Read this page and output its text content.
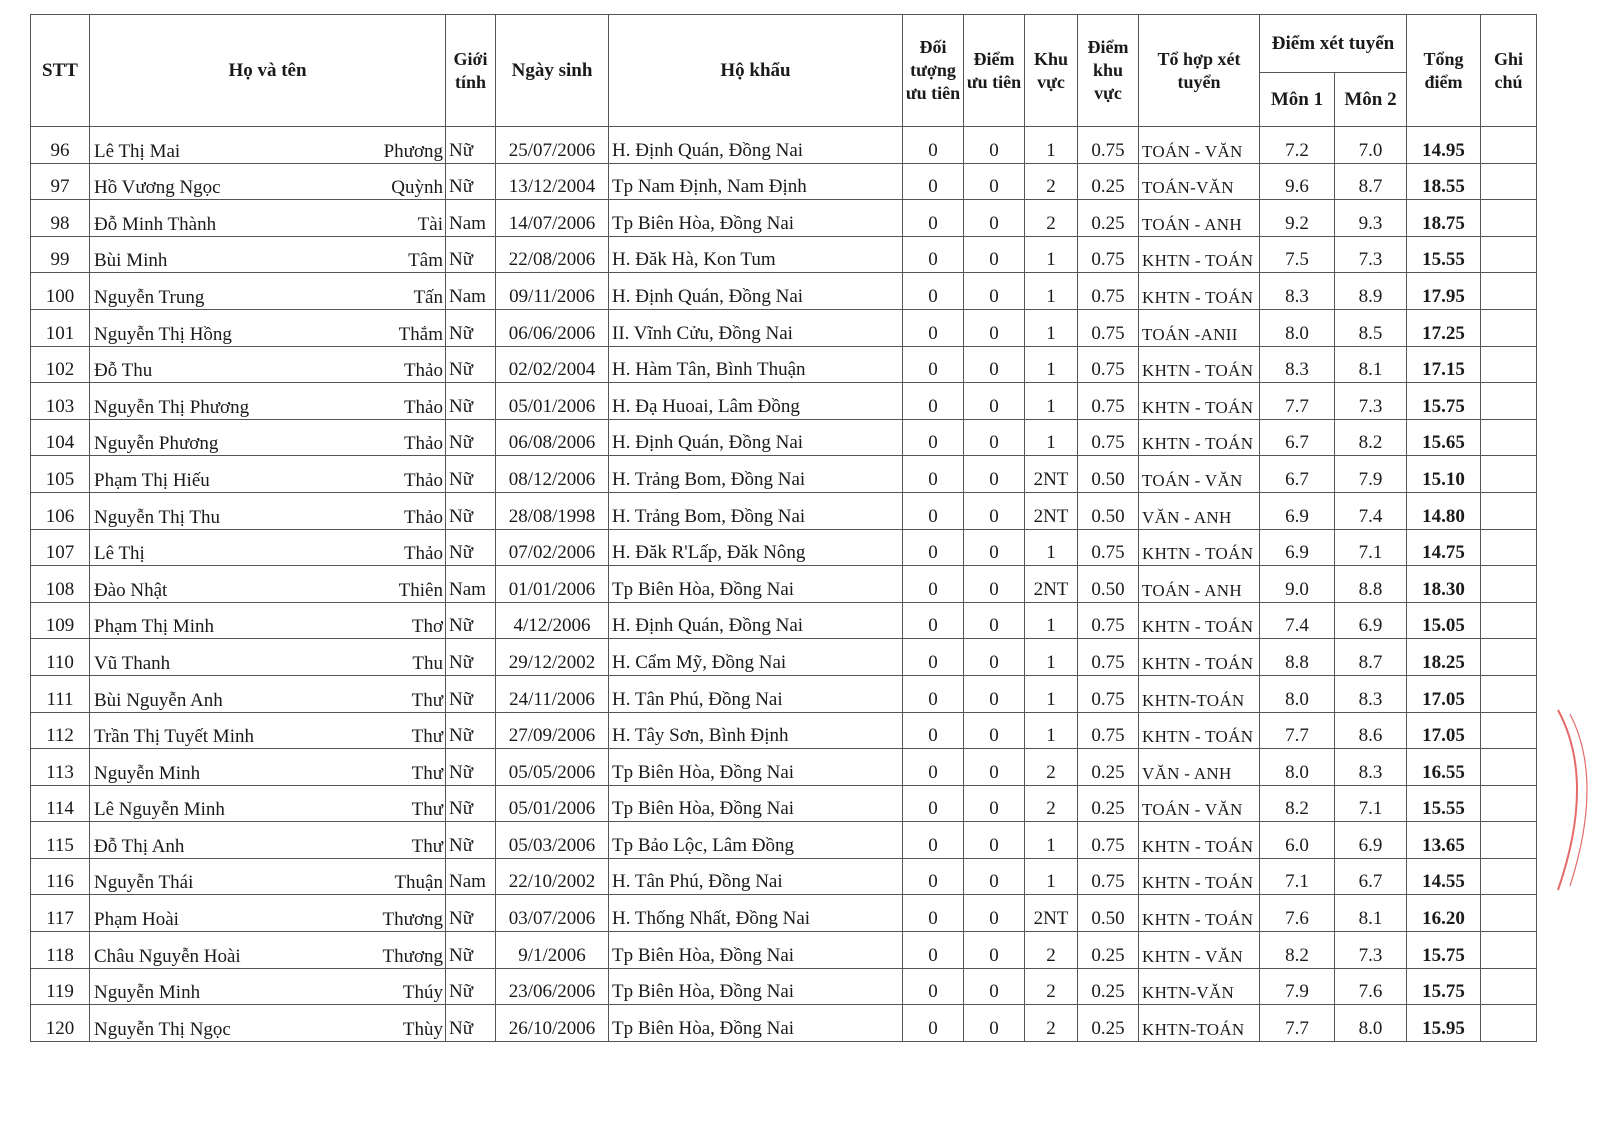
STT	Họ và tên	Giới tính	Ngày sinh	Hộ khẩu	Đối tượng ưu tiên	Điểm ưu tiên	Khu vực	Điểm khu vực	Tổ hợp xét tuyển	Điểm xét tuyển		Tổng điểm	Ghi chú
										Môn 1	Môn 2		
96	Lê Thị Mai Phương	Nữ	25/07/2006	H. Định Quán, Đồng Nai	0	0	1	0.75	TOÁN - VĂN	7.2	7.0	14.95	
97	Hồ Vương Ngọc Quỳnh	Nữ	13/12/2004	Tp Nam Định, Nam Định	0	0	2	0.25	TOÁN-VĂN	9.6	8.7	18.55	
98	Đỗ Minh Thành Tài	Nam	14/07/2006	Tp Biên Hòa, Đồng Nai	0	0	2	0.25	TOÁN - ANH	9.2	9.3	18.75	
99	Bùi Minh Tâm	Nữ	22/08/2006	H. Đăk Hà, Kon Tum	0	0	1	0.75	KHTN - TOÁN	7.5	7.3	15.55	
100	Nguyễn Trung Tấn	Nam	09/11/2006	H. Định Quán, Đồng Nai	0	0	1	0.75	KHTN - TOÁN	8.3	8.9	17.95	
101	Nguyễn Thị Hồng Thắm	Nữ	06/06/2006	II. Vĩnh Cửu, Đồng Nai	0	0	1	0.75	TOÁN -ANII	8.0	8.5	17.25	
102	Đỗ Thu Thảo	Nữ	02/02/2004	H. Hàm Tân, Bình Thuận	0	0	1	0.75	KHTN - TOÁN	8.3	8.1	17.15	
103	Nguyễn Thị Phương Thảo	Nữ	05/01/2006	H. Đạ Huoai, Lâm Đồng	0	0	1	0.75	KHTN - TOÁN	7.7	7.3	15.75	
104	Nguyễn Phương Thảo	Nữ	06/08/2006	H. Định Quán, Đồng Nai	0	0	1	0.75	KHTN - TOÁN	6.7	8.2	15.65	
105	Phạm Thị Hiếu Thảo	Nữ	08/12/2006	H. Trảng Bom, Đồng Nai	0	0	2NT	0.50	TOÁN - VĂN	6.7	7.9	15.10	
106	Nguyễn Thị Thu Thảo	Nữ	28/08/1998	H. Trảng Bom, Đồng Nai	0	0	2NT	0.50	VĂN - ANH	6.9	7.4	14.80	
107	Lê Thị Thảo	Nữ	07/02/2006	H. Đăk R'Lấp, Đăk Nông	0	0	1	0.75	KHTN - TOÁN	6.9	7.1	14.75	
108	Đào Nhật Thiên	Nam	01/01/2006	Tp Biên Hòa, Đồng Nai	0	0	2NT	0.50	TOÁN - ANH	9.0	8.8	18.30	
109	Phạm Thị Minh Thơ	Nữ	4/12/2006	H. Định Quán, Đồng Nai	0	0	1	0.75	KHTN - TOÁN	7.4	6.9	15.05	
110	Vũ Thanh Thu	Nữ	29/12/2002	H. Cẩm Mỹ, Đồng Nai	0	0	1	0.75	KHTN - TOÁN	8.8	8.7	18.25	
111	Bùi Nguyễn Anh Thư	Nữ	24/11/2006	H. Tân Phú, Đồng Nai	0	0	1	0.75	KHTN-TOÁN	8.0	8.3	17.05	
112	Trần Thị Tuyết Minh Thư	Nữ	27/09/2006	H. Tây Sơn, Bình Định	0	0	1	0.75	KHTN - TOÁN	7.7	8.6	17.05	
113	Nguyễn Minh Thư	Nữ	05/05/2006	Tp Biên Hòa, Đồng Nai	0	0	2	0.25	VĂN - ANH	8.0	8.3	16.55	
114	Lê Nguyễn Minh Thư	Nữ	05/01/2006	Tp Biên Hòa, Đồng Nai	0	0	2	0.25	TOÁN - VĂN	8.2	7.1	15.55	
115	Đỗ Thị Anh Thư	Nữ	05/03/2006	Tp Bảo Lộc, Lâm Đồng	0	0	1	0.75	KHTN - TOÁN	6.0	6.9	13.65	
116	Nguyễn Thái Thuận	Nam	22/10/2002	H. Tân Phú, Đồng Nai	0	0	1	0.75	KHTN - TOÁN	7.1	6.7	14.55	
117	Phạm Hoài Thương	Nữ	03/07/2006	H. Thống Nhất, Đồng Nai	0	0	2NT	0.50	KHTN - TOÁN	7.6	8.1	16.20	
118	Châu Nguyễn Hoài Thương	Nữ	9/1/2006	Tp Biên Hòa, Đồng Nai	0	0	2	0.25	KHTN - VĂN	8.2	7.3	15.75	
119	Nguyễn Minh Thúy	Nữ	23/06/2006	Tp Biên Hòa, Đồng Nai	0	0	2	0.25	KHTN-VĂN	7.9	7.6	15.75	
120	Nguyễn Thị Ngọc Thùy	Nữ	26/10/2006	Tp Biên Hòa, Đồng Nai	0	0	2	0.25	KHTN-TOÁN	7.7	8.0	15.95	
